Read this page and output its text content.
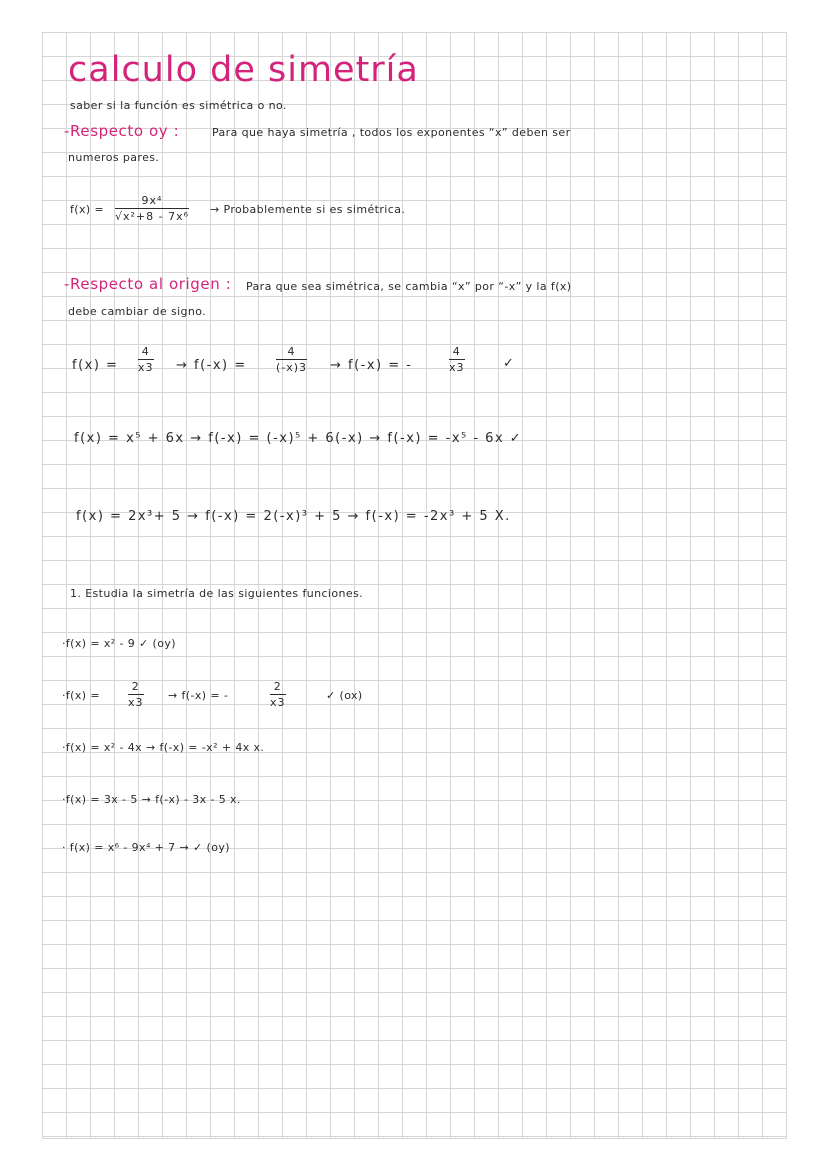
calculo de simetría
saber si la función es simétrica o no.
-Respecto oy :	Para que haya simetría , todos los exponentes “x” deben ser
numeros pares.
f(x) =
9x⁴
√x²+8 - 7x⁶
→ Probablemente si es simétrica.
-Respecto al origen : Para que sea simétrica, se cambia “x” por “-x” y la f(x)
debe cambiar de signo.
f(x) =
4
x3 → f(-x) =
4
(-x)3 → f(-x) = -
4
x3	✓
f(x) = x⁵ + 6x → f(-x) = (-x)⁵ + 6(-x) → f(-x) = -x⁵ - 6x ✓
f(x) = 2x³+ 5 → f(-x) = 2(-x)³ + 5 → f(-x) = -2x³ + 5 X.
1. Estudia la simetría de las siguientes funciones.
·f(x) = x² - 9 ✓ (oy)
·f(x) =
2
x3
→ f(-x) = -
2
x3
✓ (ox)
·f(x) = x² - 4x → f(-x) = -x² + 4x x.
·f(x) = 3x - 5 → f(-x) - 3x - 5 x.
· f(x) = x⁶ - 9x⁴ + 7 → ✓ (oy)
